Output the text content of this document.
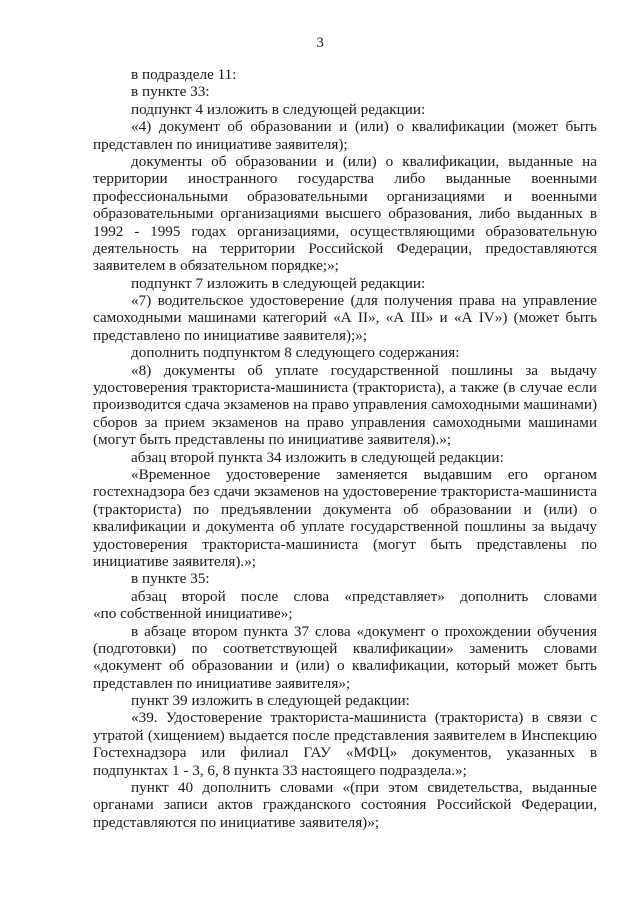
3
в подразделе 11:
в пункте 33:
подпункт 4 изложить в следующей редакции:
«4) документ об образовании и (или) о квалификации (может быть
представлен по инициативе заявителя);
документы об образовании и (или) о квалификации, выданные на
территории иностранного государства либо выданные военными
профессиональными образовательными организациями и военными
образовательными организациями высшего образования, либо выданных в
1992 - 1995 годах организациями, осуществляющими образовательную
деятельность на территории Российской Федерации, предоставляются
заявителем в обязательном порядке;»;
подпункт 7 изложить в следующей редакции:
«7) водительское удостоверение (для получения права на управление
самоходными машинами категорий «А II», «А III» и «А IV») (может быть
представлено по инициативе заявителя);»;
дополнить подпунктом 8 следующего содержания:
«8) документы об уплате государственной пошлины за выдачу
удостоверения тракториста-машиниста (тракториста), а также (в случае если
производится сдача экзаменов на право управления самоходными машинами)
сборов за прием экзаменов на право управления самоходными машинами
(могут быть представлены по инициативе заявителя).»;
абзац второй пункта 34 изложить в следующей редакции:
«Временное удостоверение заменяется выдавшим его органом
гостехнадзора без сдачи экзаменов на удостоверение тракториста-машиниста
(тракториста) по предъявлении документа об образовании и (или) о
квалификации и документа об уплате государственной пошлины за выдачу
удостоверения тракториста-машиниста (могут быть представлены по
инициативе заявителя).»;
в пункте 35:
абзац второй после слова «представляет» дополнить словами
«по собственной инициативе»;
в абзаце втором пункта 37 слова «документ о прохождении обучения
(подготовки) по соответствующей квалификации» заменить словами
«документ об образовании и (или) о квалификации, который может быть
представлен по инициативе заявителя»;
пункт 39 изложить в следующей редакции:
«39. Удостоверение тракториста-машиниста (тракториста) в связи с
утратой (хищением) выдается после представления заявителем в Инспекцию
Гостехнадзора или филиал ГАУ «МФЦ» документов, указанных в
подпунктах 1 - 3, 6, 8 пункта 33 настоящего подраздела.»;
пункт 40 дополнить словами «(при этом свидетельства, выданные
органами записи актов гражданского состояния Российской Федерации,
представляются по инициативе заявителя)»;
